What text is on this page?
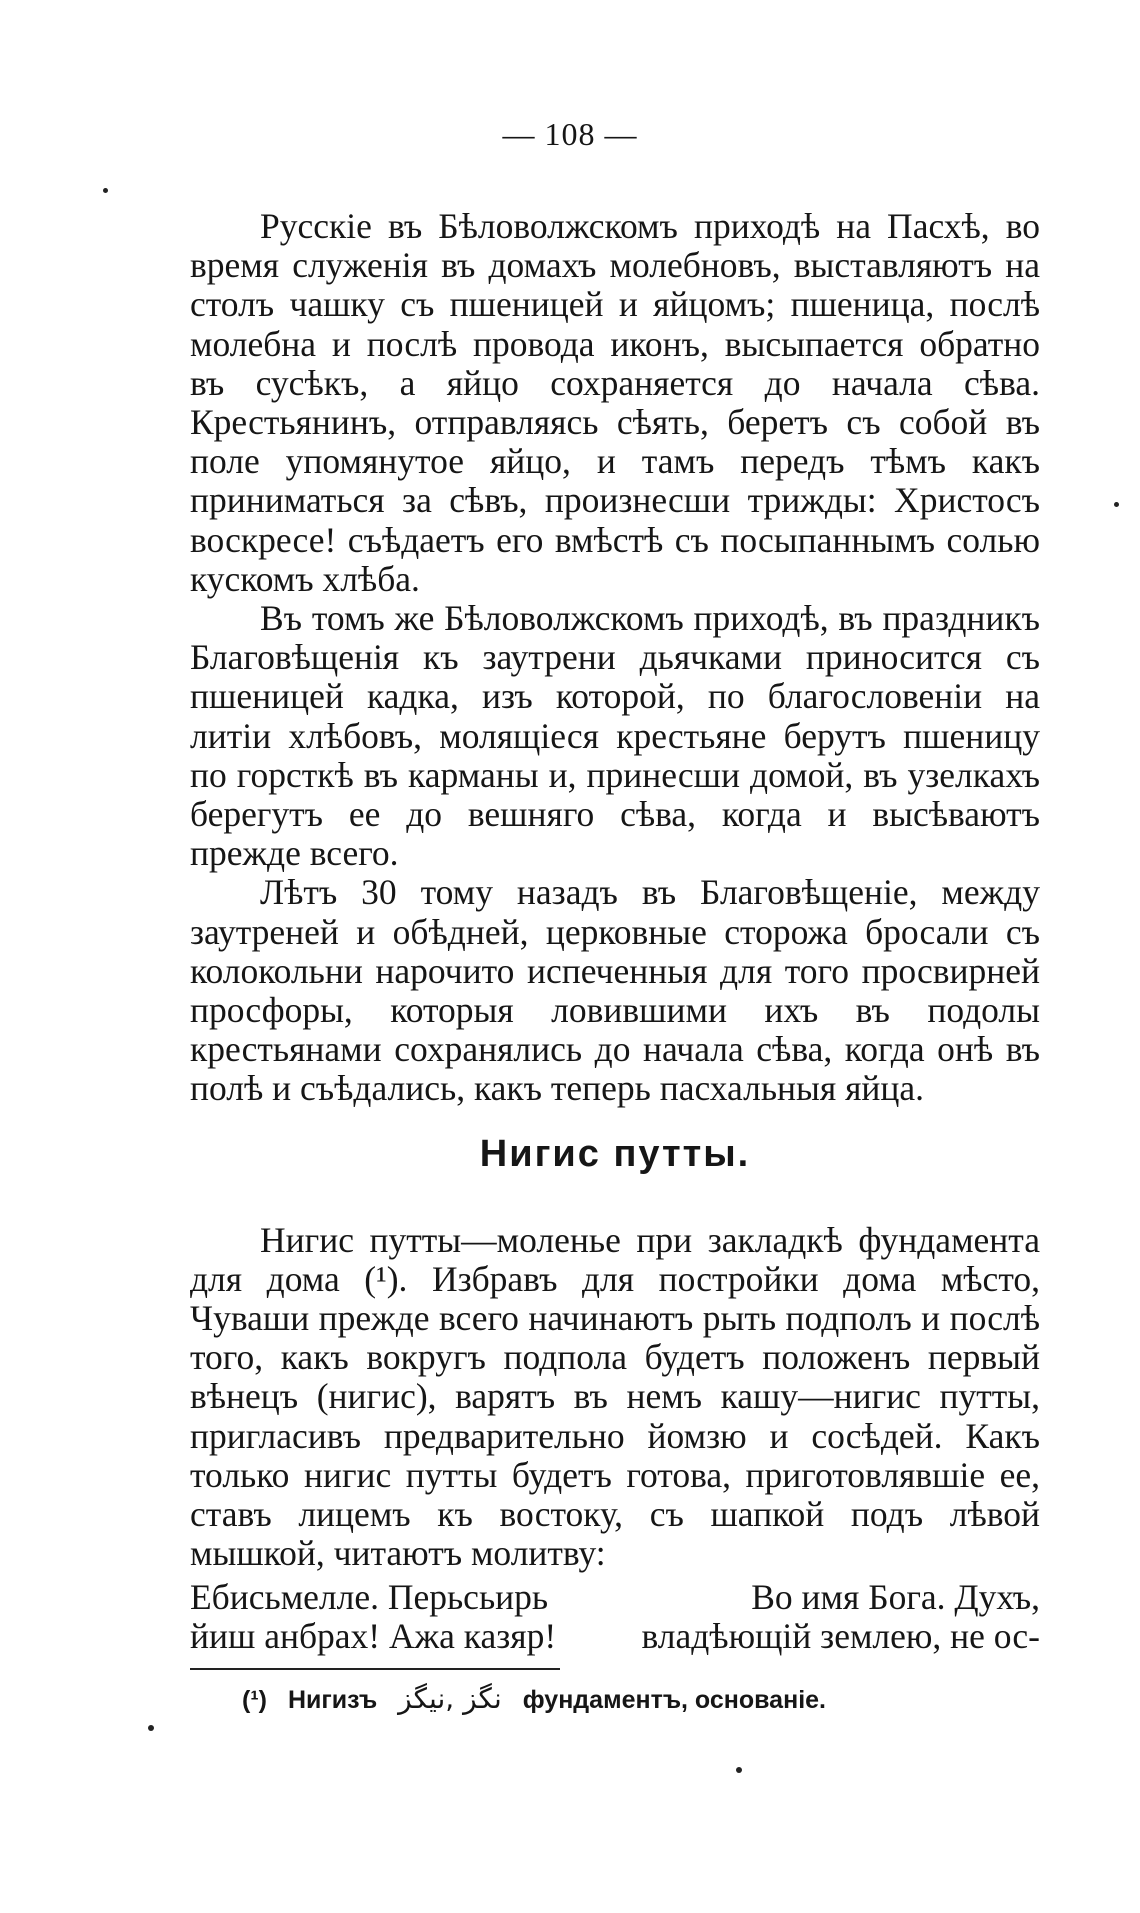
— 108 —

Русскіе въ Бѣловолжскомъ приходѣ на Пасхѣ, во время служенія въ домахъ молебновъ, выставляютъ на столъ чашку съ пшеницей и яйцомъ; пшеница, послѣ молебна и послѣ провода иконъ, высыпается обратно въ сусѣкъ, а яйцо сохраняется до начала сѣва. Крестьянинъ, отправляясь сѣять, беретъ съ собой въ поле упомянутое яйцо, и тамъ передъ тѣмъ какъ приниматься за сѣвъ, произнесши трижды: Христосъ воскресе! съѣдаетъ его вмѣстѣ съ посыпаннымъ солью кускомъ хлѣба.

Въ томъ же Бѣловолжскомъ приходѣ, въ праздникъ Благовѣщенія къ заутрени дьячками приносится съ пшеницей кадка, изъ которой, по благословеніи на литіи хлѣбовъ, молящіеся крестьяне берутъ пшеницу по горсткѣ въ карманы и, принесши домой, въ узелкахъ берегутъ ее до вешняго сѣва, когда и высѣваютъ прежде всего.

Лѣтъ 30 тому назадъ въ Благовѣщеніе, между заутреней и обѣдней, церковные сторожа бросали съ колокольни нарочито испеченныя для того просвирней просфоры, которыя ловившими ихъ въ подолы крестьянами сохранялись до начала сѣва, когда онѣ въ полѣ и съѣдались, какъ теперь пасхальныя яйца.

Нигис путты.

Нигис путты—моленье при закладкѣ фундамента для дома (¹). Избравъ для постройки дома мѣсто, Чуваши прежде всего начинаютъ рыть подполъ и послѣ того, какъ вокругъ подпола будетъ положенъ первый вѣнецъ (нигис), варятъ въ немъ кашу—нигис путты, пригласивъ предварительно йомзю и сосѣдей. Какъ только нигис путты будетъ готова, приготовлявшіе ее, ставъ лицемъ къ востоку, съ шапкой подъ лѣвой мышкой, читаютъ молитву:

Ебисьмелле. Перьсьирь
йиш анбрах! Ажа казяр!
Во имя Бога. Духъ,
владѣющій землею, не ос-
(¹) Нигизъ نگز ,نيگز фундаментъ, основаніе.
